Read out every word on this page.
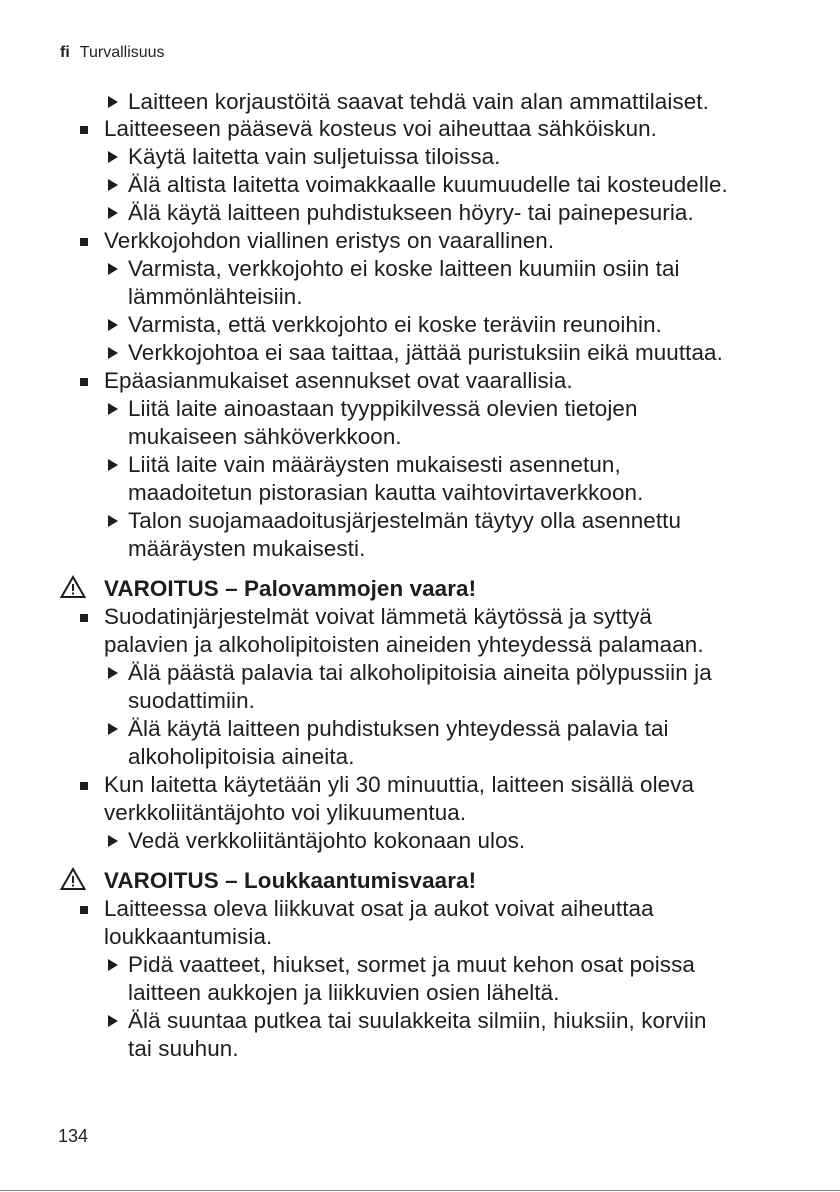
fi Turvallisuus
Laitteen korjaustöitä saavat tehdä vain alan ammattilaiset.
Laitteeseen pääsevä kosteus voi aiheuttaa sähköiskun.
Käytä laitetta vain suljetuissa tiloissa.
Älä altista laitetta voimakkaalle kuumuudelle tai kosteudelle.
Älä käytä laitteen puhdistukseen höyry- tai painepesuria.
Verkkojohdon viallinen eristys on vaarallinen.
Varmista, verkkojohto ei koske laitteen kuumiin osiin tai
lämmönlähteisiin.
Varmista, että verkkojohto ei koske teräviin reunoihin.
Verkkojohtoa ei saa taittaa, jättää puristuksiin eikä muuttaa.
Epäasianmukaiset asennukset ovat vaarallisia.
Liitä laite ainoastaan tyyppikilvessä olevien tietojen
mukaiseen sähköverkkoon.
Liitä laite vain määräysten mukaisesti asennetun,
maadoitetun pistorasian kautta vaihtovirtaverkkoon.
Talon suojamaadoitusjärjestelmän täytyy olla asennettu
määräysten mukaisesti.
VAROITUS – Palovammojen vaara!
Suodatinjärjestelmät voivat lämmetä käytössä ja syttyä
palavien ja alkoholipitoisten aineiden yhteydessä palamaan.
Älä päästä palavia tai alkoholipitoisia aineita pölypussiin ja
suodattimiin.
Älä käytä laitteen puhdistuksen yhteydessä palavia tai
alkoholipitoisia aineita.
Kun laitetta käytetään yli 30 minuuttia, laitteen sisällä oleva
verkkoliitäntäjohto voi ylikuumentua.
Vedä verkkoliitäntäjohto kokonaan ulos.
VAROITUS – Loukkaantumisvaara!
Laitteessa oleva liikkuvat osat ja aukot voivat aiheuttaa
loukkaantumisia.
Pidä vaatteet, hiukset, sormet ja muut kehon osat poissa
laitteen aukkojen ja liikkuvien osien läheltä.
Älä suuntaa putkea tai suulakkeita silmiin, hiuksiin, korviin
tai suuhun.
134
